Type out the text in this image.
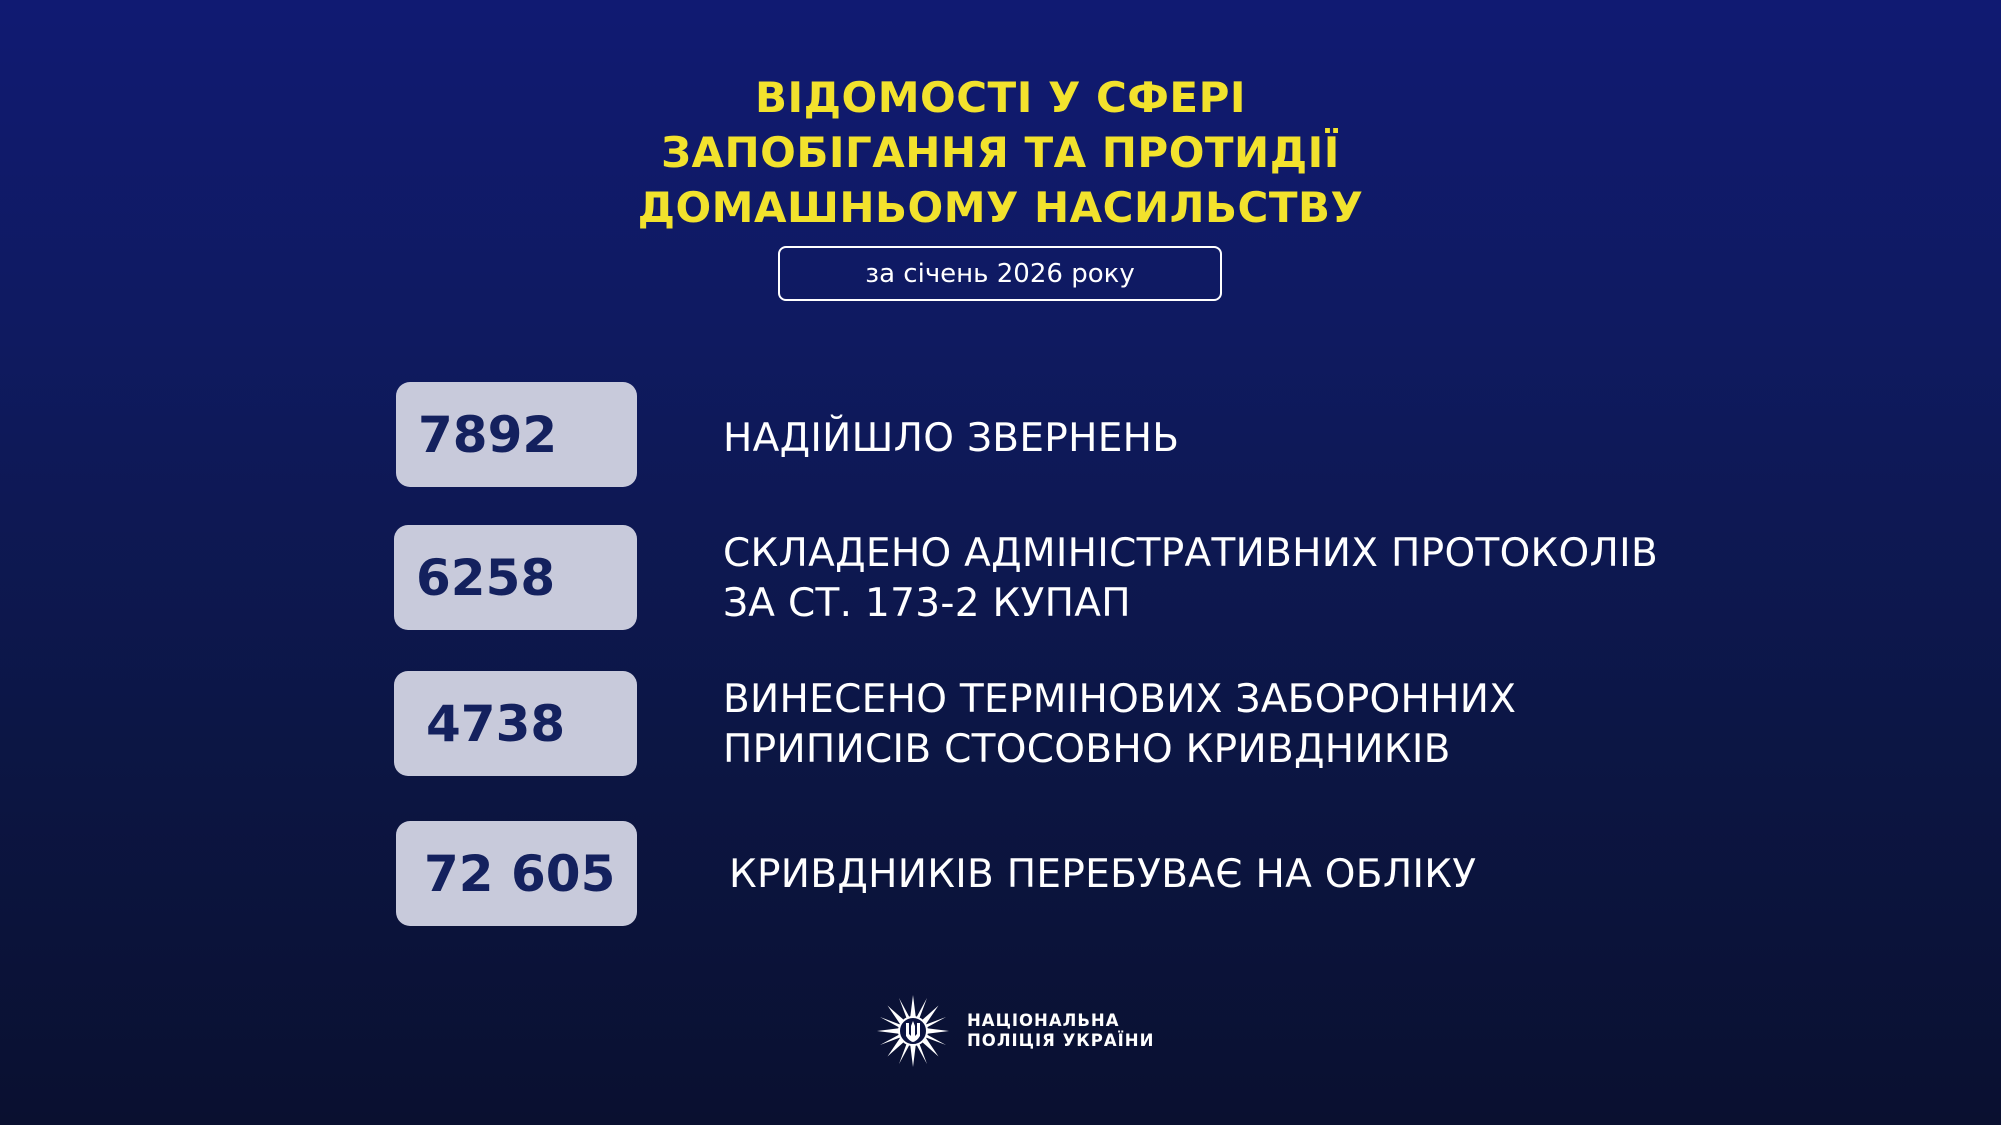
ВІДОМОСТІ У СФЕРІ
ЗАПОБІГАННЯ ТА ПРОТИДІЇ
ДОМАШНЬОМУ НАСИЛЬСТВУ
за січень 2026 року
7892	НАДІЙШЛО ЗВЕРНЕНЬ
6258	СКЛАДЕНО АДМІНІСТРАТИВНИХ ПРОТОКОЛІВ
ЗА СТ. 173-2 КУПАП
4738	ВИНЕСЕНО ТЕРМІНОВИХ ЗАБОРОННИХ
ПРИПИСІВ СТОСОВНО КРИВДНИКІВ
72 605	КРИВДНИКІВ ПЕРЕБУВАЄ НА ОБЛІКУ
НАЦІОНАЛЬНА
ПОЛІЦІЯ УКРАЇНИ
